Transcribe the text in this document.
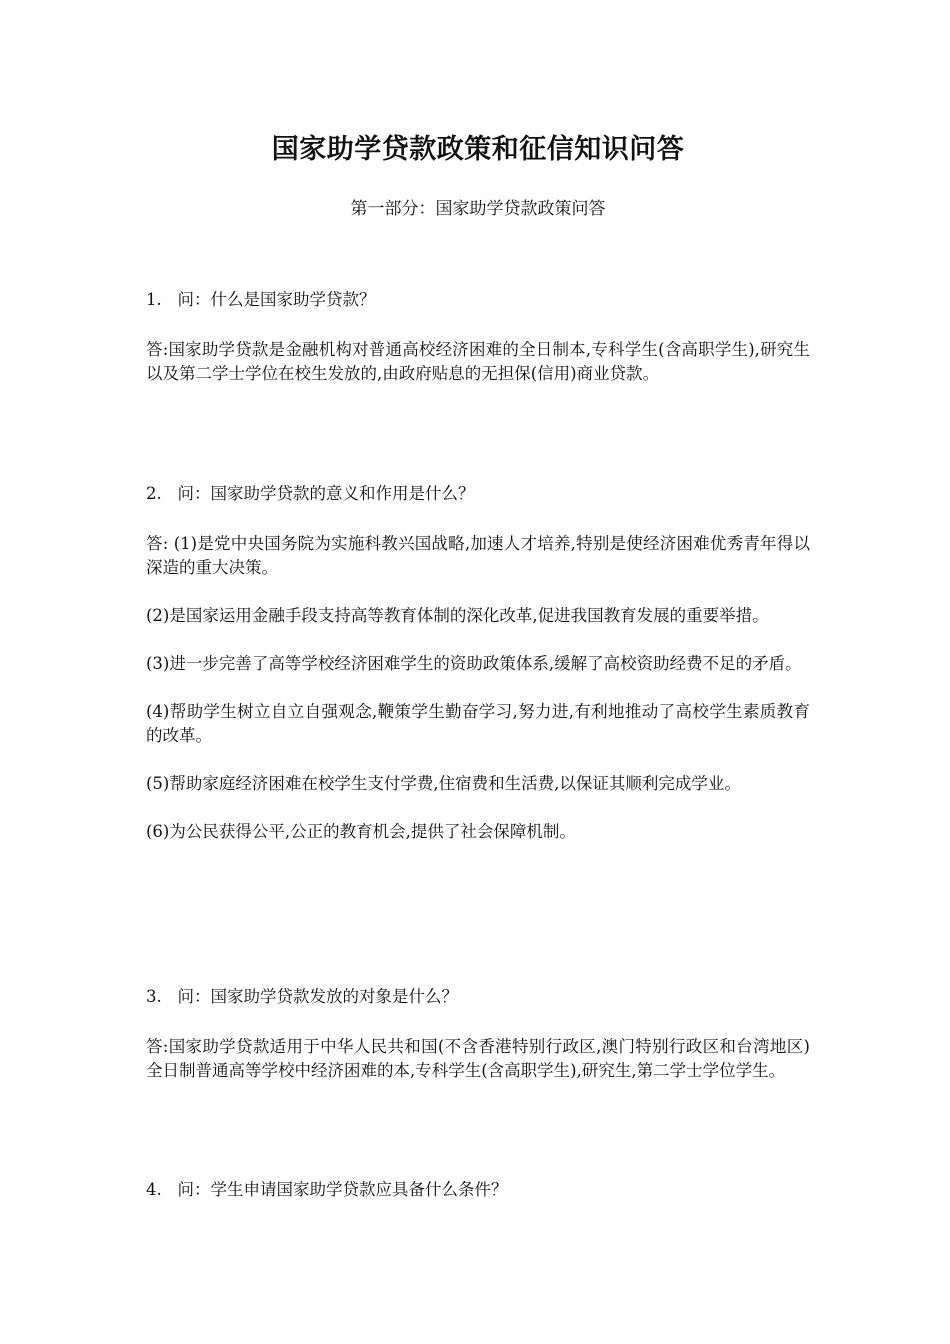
国家助学贷款政策和征信知识问答

第一部分：国家助学贷款政策问答

1.   问：什么是国家助学贷款？

答:国家助学贷款是金融机构对普通高校经济困难的全日制本,专科学生(含高职学生),研究生以及第二学士学位在校生发放的,由政府贴息的无担保(信用)商业贷款。

2.   问：国家助学贷款的意义和作用是什么？

答: (1)是党中央国务院为实施科教兴国战略,加速人才培养,特别是使经济困难优秀青年得以深造的重大决策。

(2)是国家运用金融手段支持高等教育体制的深化改革,促进我国教育发展的重要举措。

(3)进一步完善了高等学校经济困难学生的资助政策体系,缓解了高校资助经费不足的矛盾。

(4)帮助学生树立自立自强观念,鞭策学生勤奋学习,努力进,有利地推动了高校学生素质教育的改革。

(5)帮助家庭经济困难在校学生支付学费,住宿费和生活费,以保证其顺利完成学业。

(6)为公民获得公平,公正的教育机会,提供了社会保障机制。

3.   问：国家助学贷款发放的对象是什么？

答:国家助学贷款适用于中华人民共和国(不含香港特别行政区,澳门特别行政区和台湾地区)全日制普通高等学校中经济困难的本,专科学生(含高职学生),研究生,第二学士学位学生。

4.   问：学生申请国家助学贷款应具备什么条件？
